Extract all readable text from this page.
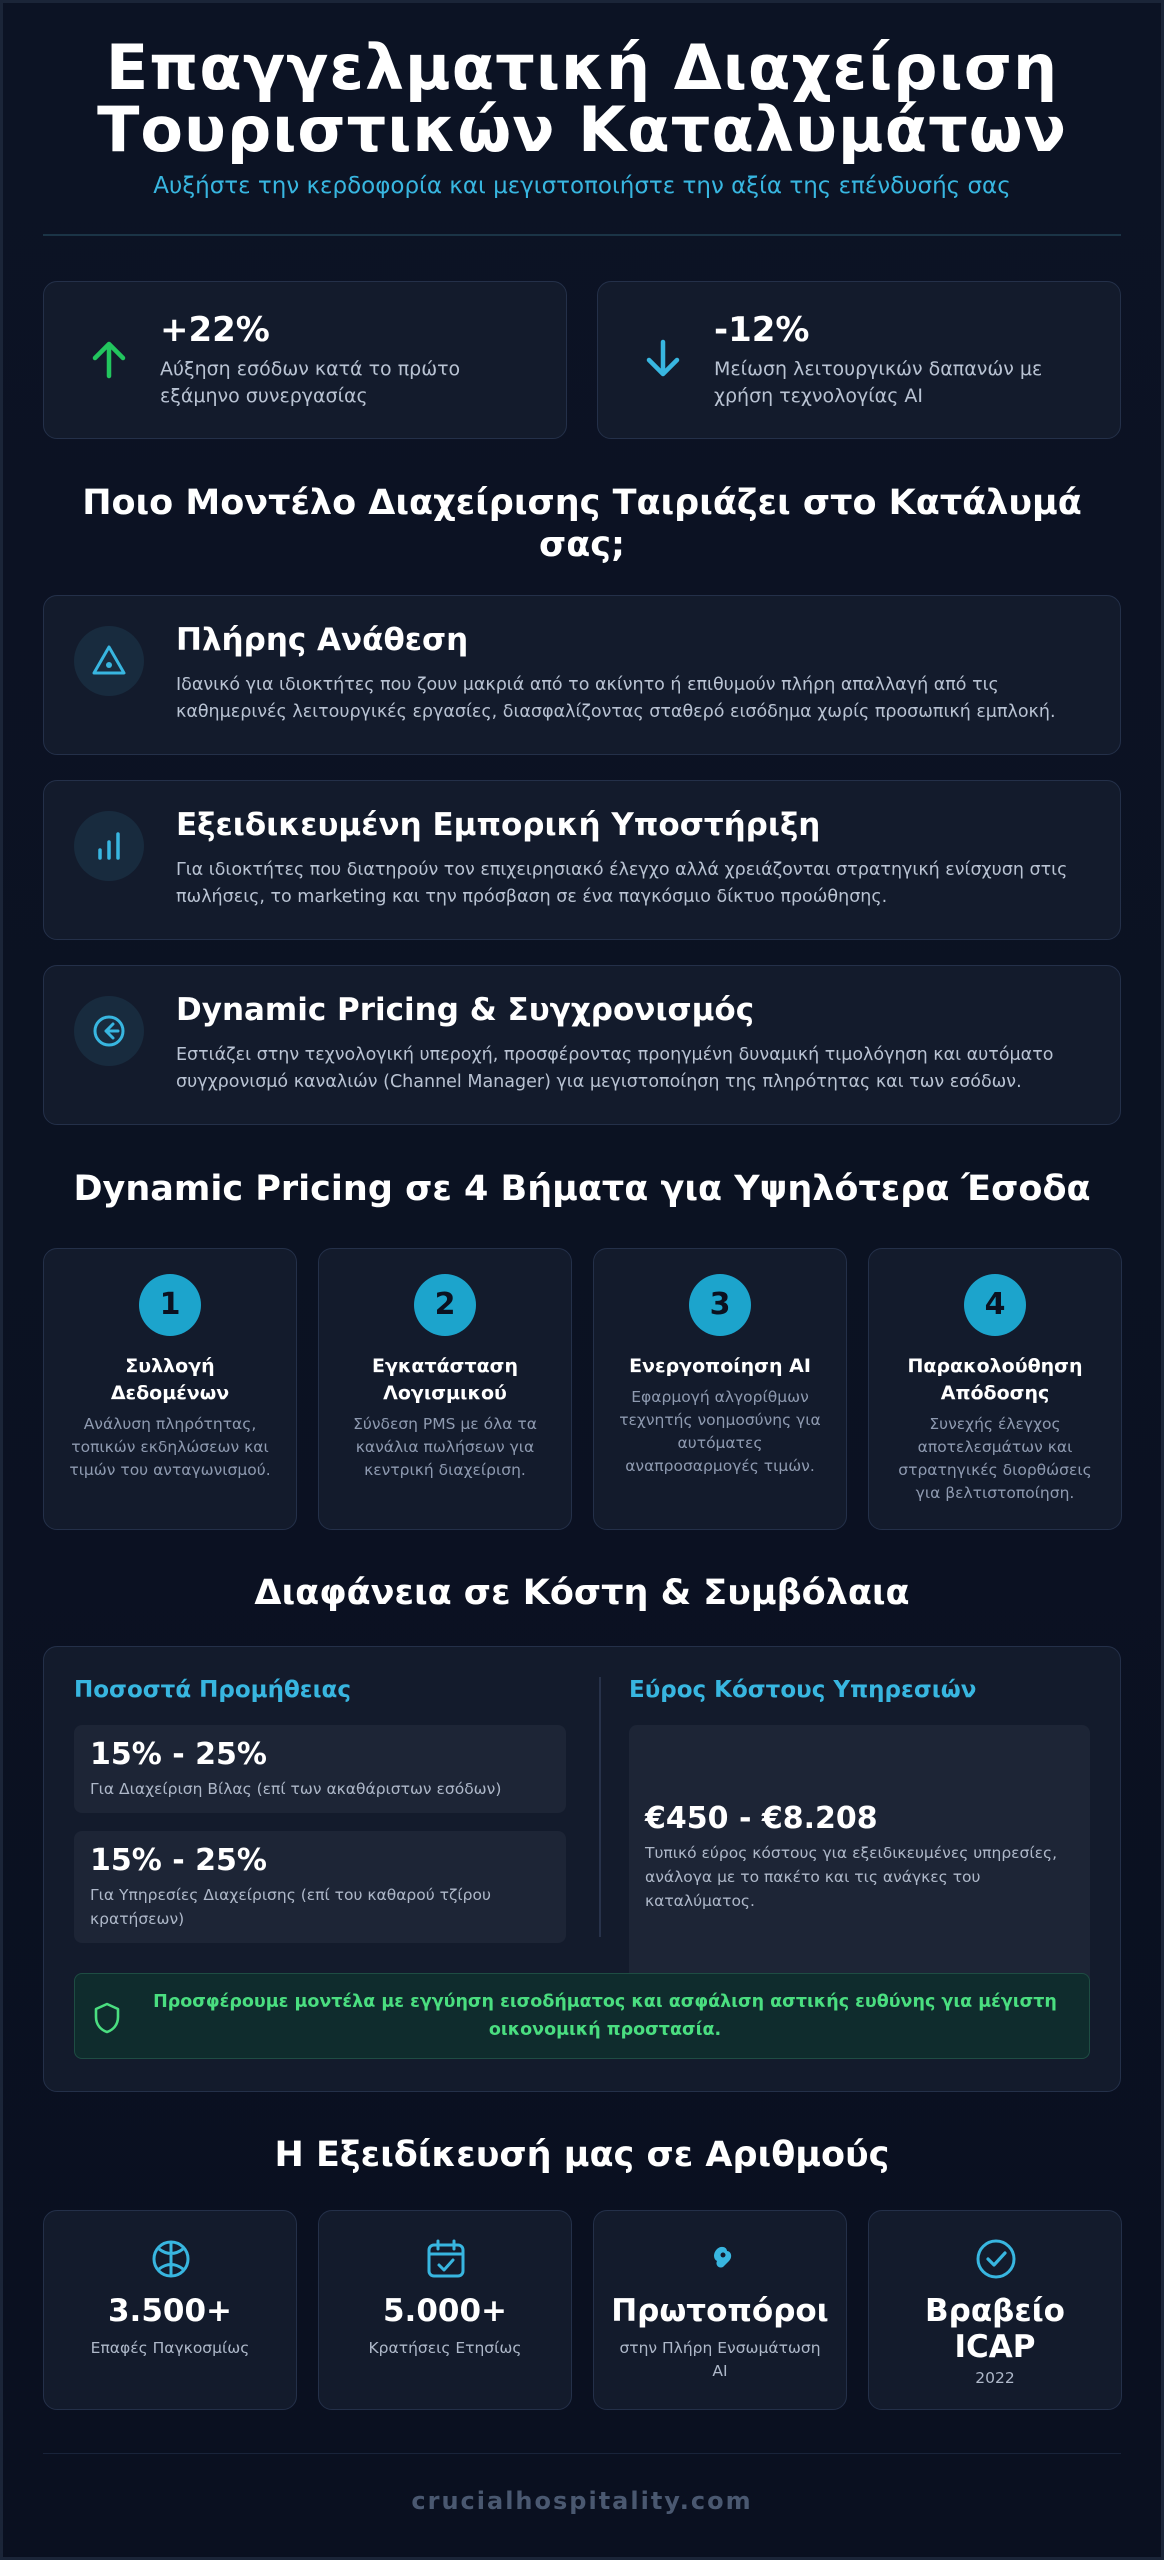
Επαγγελματική Διαχείριση
Τουριστικών Καταλυμάτων
Αυξήστε την κερδοφορία και μεγιστοποιήστε την αξία της επένδυσής σας
+22%
Αύξηση εσόδων κατά το πρώτο εξάμηνο συνεργασίας
-12%
Μείωση λειτουργικών δαπανών με χρήση τεχνολογίας AI
Ποιο Μοντέλο Διαχείρισης Ταιριάζει στο Κατάλυμά σας;
Πλήρης Ανάθεση
Ιδανικό για ιδιοκτήτες που ζουν μακριά από το ακίνητο ή επιθυμούν πλήρη απαλλαγή από τις καθημερινές λειτουργικές εργασίες, διασφαλίζοντας σταθερό εισόδημα χωρίς προσωπική εμπλοκή.
Εξειδικευμένη Εμπορική Υποστήριξη
Για ιδιοκτήτες που διατηρούν τον επιχειρησιακό έλεγχο αλλά χρειάζονται στρατηγική ενίσχυση στις πωλήσεις, το marketing και την πρόσβαση σε ένα παγκόσμιο δίκτυο προώθησης.
Dynamic Pricing & Συγχρονισμός
Εστιάζει στην τεχνολογική υπεροχή, προσφέροντας προηγμένη δυναμική τιμολόγηση και αυτόματο συγχρονισμό καναλιών (Channel Manager) για μεγιστοποίηση της πληρότητας και των εσόδων.
Dynamic Pricing σε 4 Βήματα για Υψηλότερα Έσοδα
1
Συλλογή
Δεδομένων
Ανάλυση πληρότητας,
τοπικών εκδηλώσεων και
τιμών του ανταγωνισμού.
2
Εγκατάσταση
Λογισμικού
Σύνδεση PMS με όλα τα
κανάλια πωλήσεων για
κεντρική διαχείριση.
3
Ενεργοποίηση AI
Εφαρμογή αλγορίθμων
τεχνητής νοημοσύνης για
αυτόματες
αναπροσαρμογές τιμών.
4
Παρακολούθηση
Απόδοσης
Συνεχής έλεγχος
αποτελεσμάτων και
στρατηγικές διορθώσεις
για βελτιστοποίηση.
Διαφάνεια σε Κόστη & Συμβόλαια
Ποσοστά Προμήθειας
15% - 25%
Για Διαχείριση Βίλας (επί των ακαθάριστων εσόδων)
15% - 25%
Για Υπηρεσίες Διαχείρισης (επί του καθαρού τζίρου
κρατήσεων)
Εύρος Κόστους Υπηρεσιών
€450 - €8.208
Τυπικό εύρος κόστους για εξειδικευμένες υπηρεσίες,
ανάλογα με το πακέτο και τις ανάγκες του
καταλύματος.
Προσφέρουμε μοντέλα με εγγύηση εισοδήματος και ασφάλιση αστικής ευθύνης για μέγιστη
οικονομική προστασία.
Η Εξειδίκευσή μας σε Αριθμούς
3.500+
Επαφές Παγκοσμίως
5.000+
Κρατήσεις Ετησίως
Πρωτοπόροι
στην Πλήρη Ενσωμάτωση
AI
Βραβείο
ICAP
2022
crucialhospitality.com
